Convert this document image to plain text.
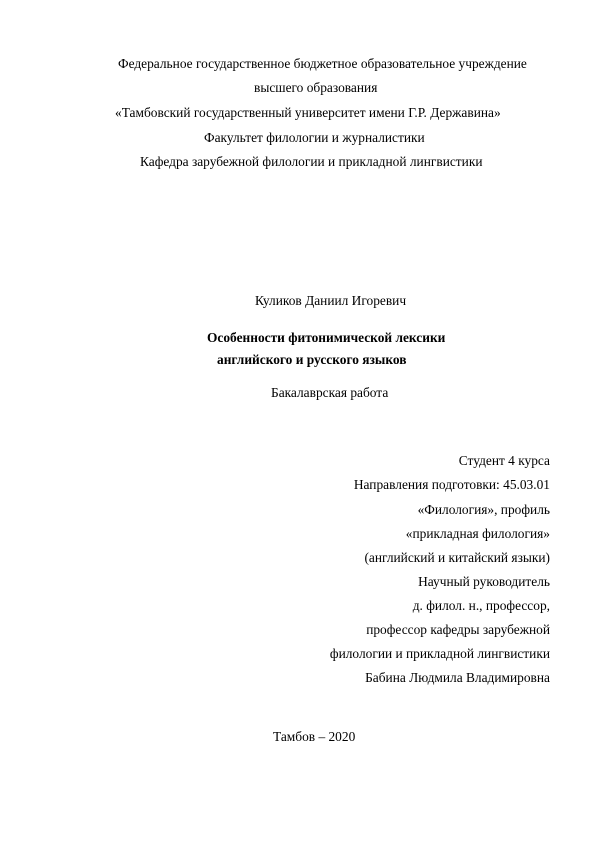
Федеральное государственное бюджетное образовательное учреждение
высшего образования
«Тамбовский государственный университет имени Г.Р. Державина»
Факультет филологии и журналистики
Кафедра зарубежной филологии и прикладной лингвистики
Куликов Даниил Игоревич
Особенности фитонимической лексики
английского и русского языков
Бакалаврская работа
Студент 4 курса
Направления подготовки: 45.03.01
«Филология», профиль
«прикладная филология»
(английский и китайский языки)
Научный руководитель
д. филол. н., профессор,
профессор кафедры зарубежной
филологии и прикладной лингвистики
Бабина Людмила Владимировна
Тамбов – 2020
